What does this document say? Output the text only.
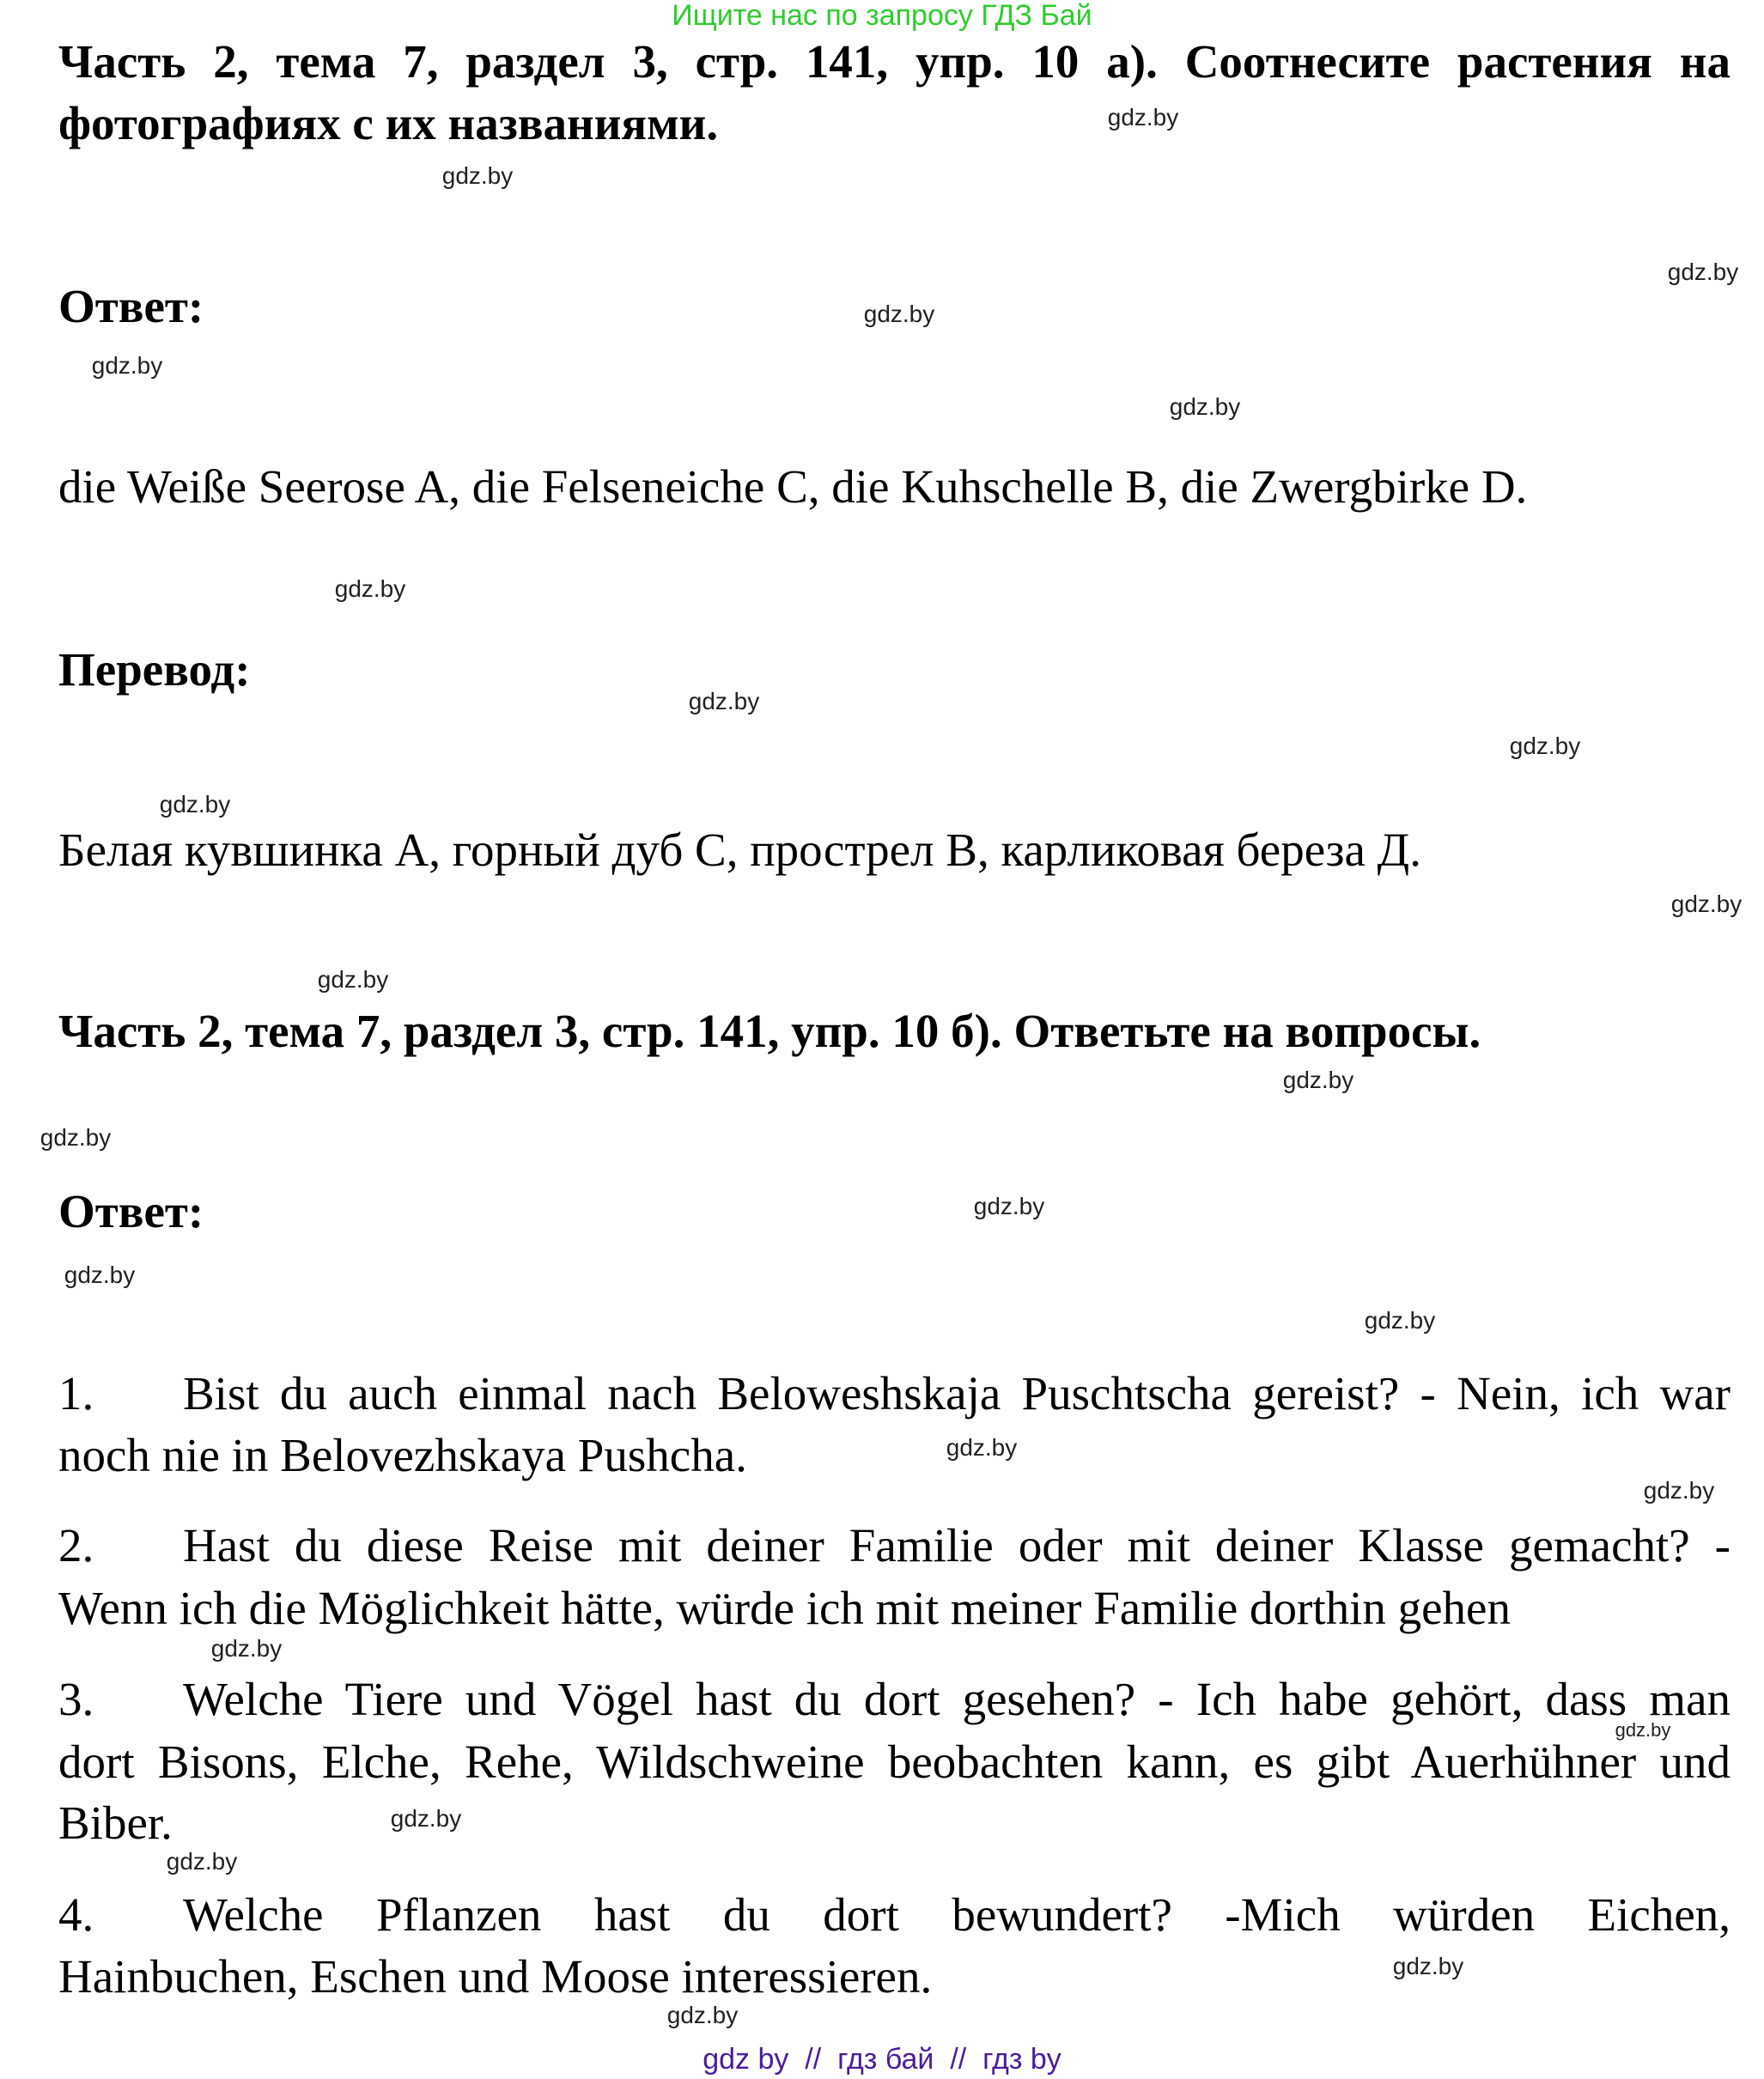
Ищите нас по запросу ГДЗ Бай
Часть 2, тема 7, раздел 3, стр. 141, упр. 10 а). Соотнесите растения на
фотографиях с их названиями.
Ответ:
die Weiße Seerose A, die Felseneiche C, die Kuhschelle B, die Zwergbirke D.
Перевод:
Белая кувшинка А, горный дуб С, прострел В, карликовая береза Д.
Часть 2, тема 7, раздел 3, стр. 141, упр. 10 б). Ответьте на вопросы.
Ответ:
1. Bist du auch einmal nach Beloweshskaja Puschtscha gereist? - Nein, ich war
noch nie in Belovezhskaya Pushcha.
2. Hast du diese Reise mit deiner Familie oder mit deiner Klasse gemacht? -
Wenn ich die Möglichkeit hätte, würde ich mit meiner Familie dorthin gehen
3. Welche Tiere und Vögel hast du dort gesehen? - Ich habe gehört, dass man
dort Bisons, Elche, Rehe, Wildschweine beobachten kann, es gibt Auerhühner und
Biber.
4. Welche Pflanzen hast du dort bewundert? -Mich würden Eichen,
Hainbuchen, Eschen und Moose interessieren.
gdz.by
gdz.by
gdz.by
gdz.by
gdz.by
gdz.by
gdz.by
gdz.by
gdz.by
gdz.by
gdz.by
gdz.by
gdz.by
gdz.by
gdz.by
gdz.by
gdz.by
gdz.by
gdz.by
gdz.by
gdz.by
gdz.by
gdz.by
gdz.by
gdz.by
gdz by  //  гдз бай  //  гдз by
